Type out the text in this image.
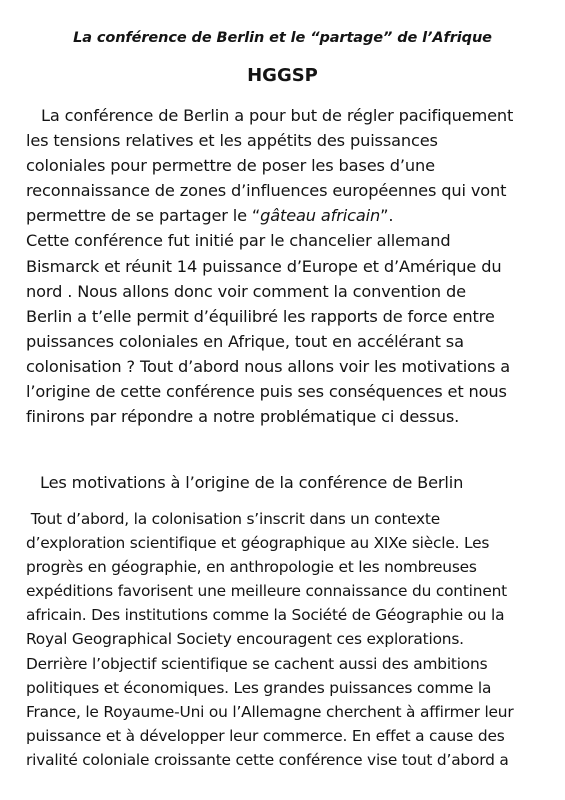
La conférence de Berlin et le “partage” de l’Afrique
HGGSP
La conférence de Berlin a pour but de régler pacifiquement
les tensions relatives et les appétits des puissances
coloniales pour permettre de poser les bases d’une
reconnaissance de zones d’influences européennes qui vont
permettre de se partager le “gâteau africain”.
Cette conférence fut initié par le chancelier allemand
Bismarck et réunit 14 puissance d’Europe et d’Amérique du
nord . Nous allons donc voir comment la convention de
Berlin a t’elle permit d’équilibré les rapports de force entre
puissances coloniales en Afrique, tout en accélérant sa
colonisation ? Tout d’abord nous allons voir les motivations a
l’origine de cette conférence puis ses conséquences et nous
finirons par répondre a notre problématique ci dessus.
Les motivations à l’origine de la conférence de Berlin
Tout d’abord, la colonisation s’inscrit dans un contexte
d’exploration scientifique et géographique au XIXe siècle. Les
progrès en géographie, en anthropologie et les nombreuses
expéditions favorisent une meilleure connaissance du continent
africain. Des institutions comme la Société de Géographie ou la
Royal Geographical Society encouragent ces explorations.
Derrière l’objectif scientifique se cachent aussi des ambitions
politiques et économiques. Les grandes puissances comme la
France, le Royaume-Uni ou l’Allemagne cherchent à affirmer leur
puissance et à développer leur commerce. En effet a cause des
rivalité coloniale croissante cette conférence vise tout d’abord a
